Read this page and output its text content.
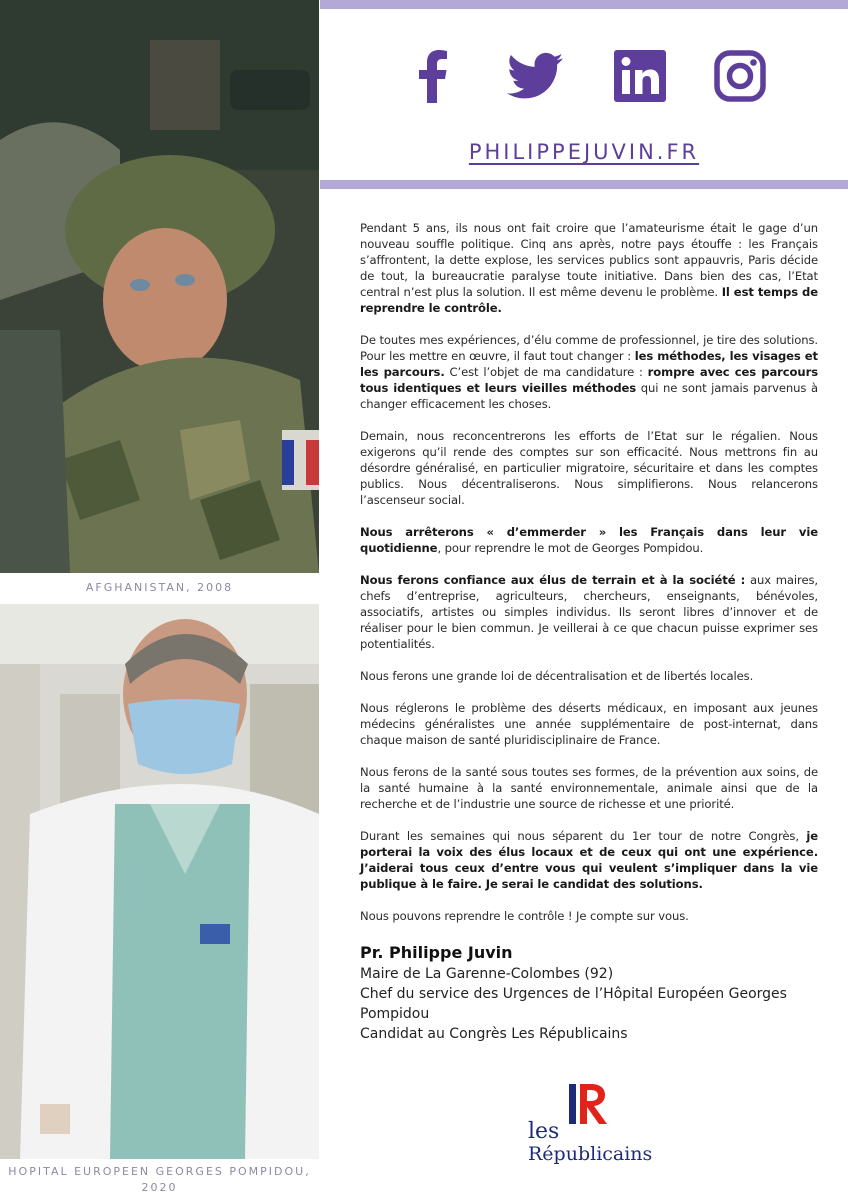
AFGHANISTAN, 2008
HOPITAL EUROPEEN GEORGES POMPIDOU,
2020
PHILIPPEJUVIN.FR

Pendant 5 ans, ils nous ont fait croire que l’amateurisme était le gage d’un nouveau souffle politique. Cinq ans après, notre pays étouffe : les Français s’affrontent, la dette explose, les services publics sont appauvris, Paris décide de tout, la bureaucratie paralyse toute initiative. Dans bien des cas, l’Etat central n’est plus la solution. Il est même devenu le problème. Il est temps de reprendre le contrôle.

De toutes mes expériences, d’élu comme de professionnel, je tire des solutions. Pour les mettre en œuvre, il faut tout changer : les méthodes, les visages et les parcours. C’est l’objet de ma candidature : rompre avec ces parcours tous identiques et leurs vieilles méthodes qui ne sont jamais parvenus à changer efficacement les choses.

Demain, nous reconcentrerons les efforts de l’Etat sur le régalien. Nous exigerons qu’il rende des comptes sur son efficacité. Nous mettrons fin au désordre généralisé, en particulier migratoire, sécuritaire et dans les comptes publics. Nous décentraliserons. Nous simplifierons. Nous relancerons l’ascenseur social.

Nous arrêterons « d’emmerder » les Français dans leur vie quotidienne, pour reprendre le mot de Georges Pompidou.

Nous ferons confiance aux élus de terrain et à la société : aux maires, chefs d’entreprise, agriculteurs, chercheurs, enseignants, bénévoles, associatifs, artistes ou simples individus. Ils seront libres d’innover et de réaliser pour le bien commun. Je veillerai à ce que chacun puisse exprimer ses potentialités.

Nous ferons une grande loi de décentralisation et de libertés locales.

Nous réglerons le problème des déserts médicaux, en imposant aux jeunes médecins généralistes une année supplémentaire de post-internat, dans chaque maison de santé pluridisciplinaire de France.

Nous ferons de la santé sous toutes ses formes, de la prévention aux soins, de la santé humaine à la santé environnementale, animale ainsi que de la recherche et de l’industrie une source de richesse et une priorité.

Durant les semaines qui nous séparent du 1er tour de notre Congrès, je porterai la voix des élus locaux et de ceux qui ont une expérience. J’aiderai tous ceux d’entre vous qui veulent s’impliquer dans la vie publique à le faire. Je serai le candidat des solutions.

Nous pouvons reprendre le contrôle ! Je compte sur vous.

Pr. Philippe Juvin
Maire de La Garenne-Colombes (92)
Chef du service des Urgences de l’Hôpital Européen Georges Pompidou
Candidat au Congrès Les Républicains
les
Républicains
